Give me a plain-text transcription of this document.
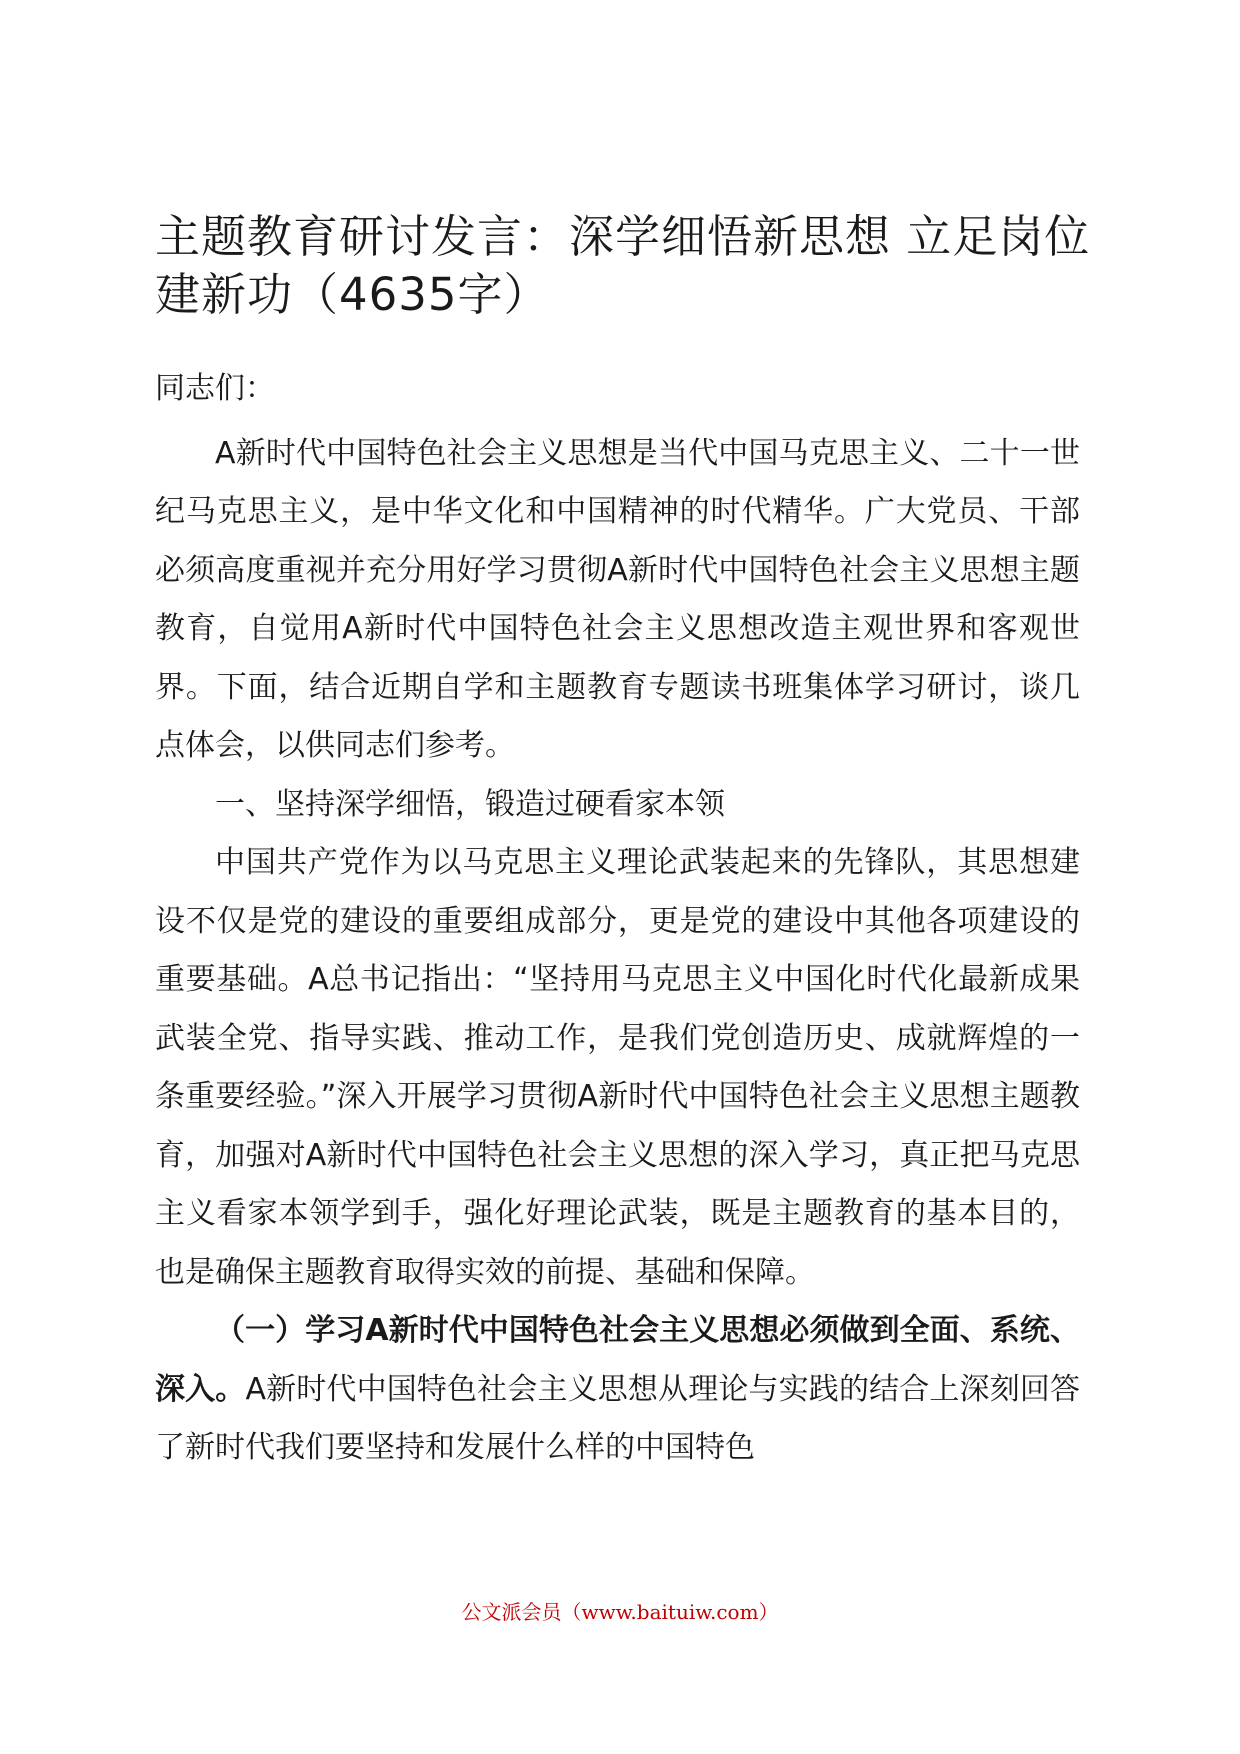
主题教育研讨发言：深学细悟新思想 立足岗位建新功（4635字）

同志们：

A新时代中国特色社会主义思想是当代中国马克思主义、二十一世纪马克思主义，是中华文化和中国精神的时代精华。广大党员、干部必须高度重视并充分用好学习贯彻A新时代中国特色社会主义思想主题教育，自觉用A新时代中国特色社会主义思想改造主观世界和客观世界。下面，结合近期自学和主题教育专题读书班集体学习研讨，谈几点体会，以供同志们参考。

一、坚持深学细悟，锻造过硬看家本领

中国共产党作为以马克思主义理论武装起来的先锋队，其思想建设不仅是党的建设的重要组成部分，更是党的建设中其他各项建设的重要基础。A总书记指出：“坚持用马克思主义中国化时代化最新成果武装全党、指导实践、推动工作，是我们党创造历史、成就辉煌的一条重要经验。”深入开展学习贯彻A新时代中国特色社会主义思想主题教育，加强对A新时代中国特色社会主义思想的深入学习，真正把马克思主义看家本领学到手，强化好理论武装，既是主题教育的基本目的，也是确保主题教育取得实效的前提、基础和保障。

（一）学习A新时代中国特色社会主义思想必须做到全面、系统、深入。A新时代中国特色社会主义思想从理论与实践的结合上深刻回答了新时代我们要坚持和发展什么样的中国特色

公文派会员（www.baituiw.com）
